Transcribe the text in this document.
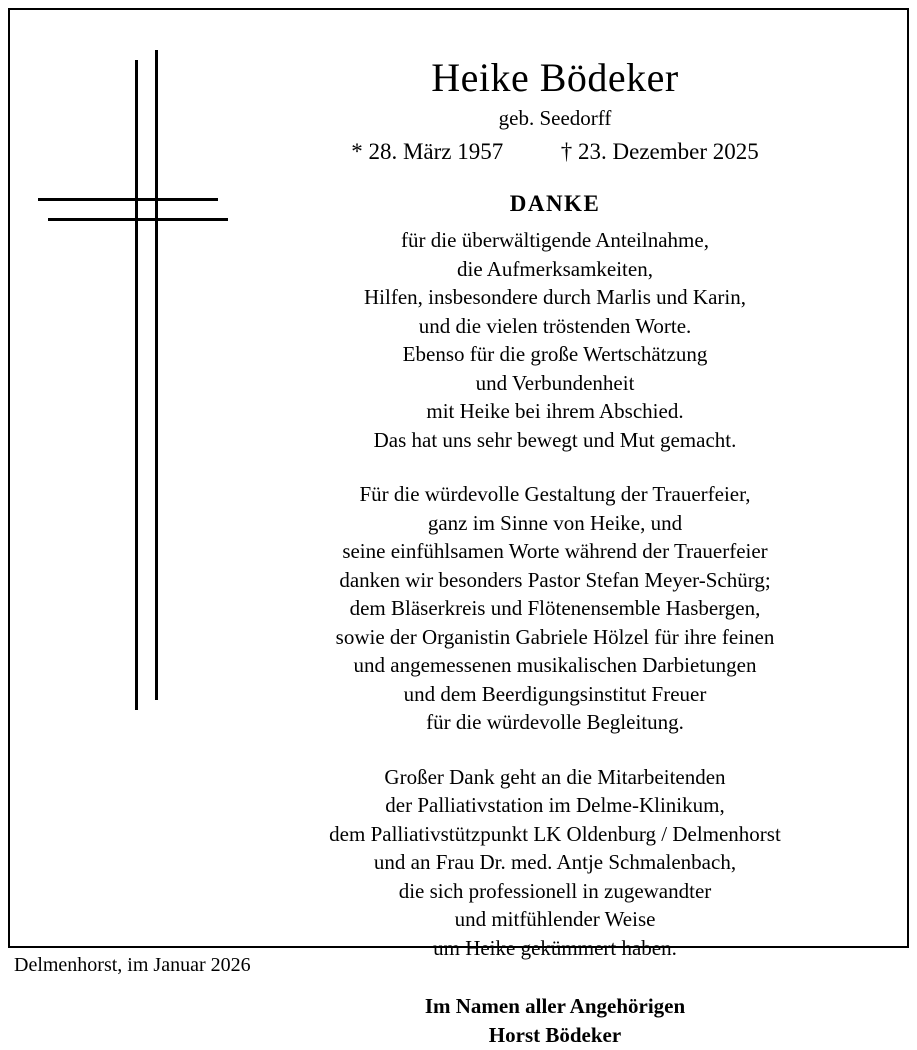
Heike Bödeker
geb. Seedorff
* 28. März 1957          † 23. Dezember 2025
DANKE
für die überwältigende Anteilnahme,
die Aufmerksamkeiten,
Hilfen, insbesondere durch Marlis und Karin,
und die vielen tröstenden Worte.
Ebenso für die große Wertschätzung
und Verbundenheit
mit Heike bei ihrem Abschied.
Das hat uns sehr bewegt und Mut gemacht.
Für die würdevolle Gestaltung der Trauerfeier,
ganz im Sinne von Heike, und
seine einfühlsamen Worte während der Trauerfeier
danken wir besonders Pastor Stefan Meyer-Schürg;
dem Bläserkreis und Flötenensemble Hasbergen,
sowie der Organistin Gabriele Hölzel für ihre feinen
und angemessenen musikalischen Darbietungen
und dem Beerdigungsinstitut Freuer
für die würdevolle Begleitung.
Großer Dank geht an die Mitarbeitenden
der Palliativstation im Delme-Klinikum,
dem Palliativstützpunkt LK Oldenburg / Delmenhorst
und an Frau Dr. med. Antje Schmalenbach,
die sich professionell in zugewandter
und mitfühlender Weise
um Heike gekümmert haben.
Im Namen aller Angehörigen
Horst Bödeker
Delmenhorst, im Januar 2026
